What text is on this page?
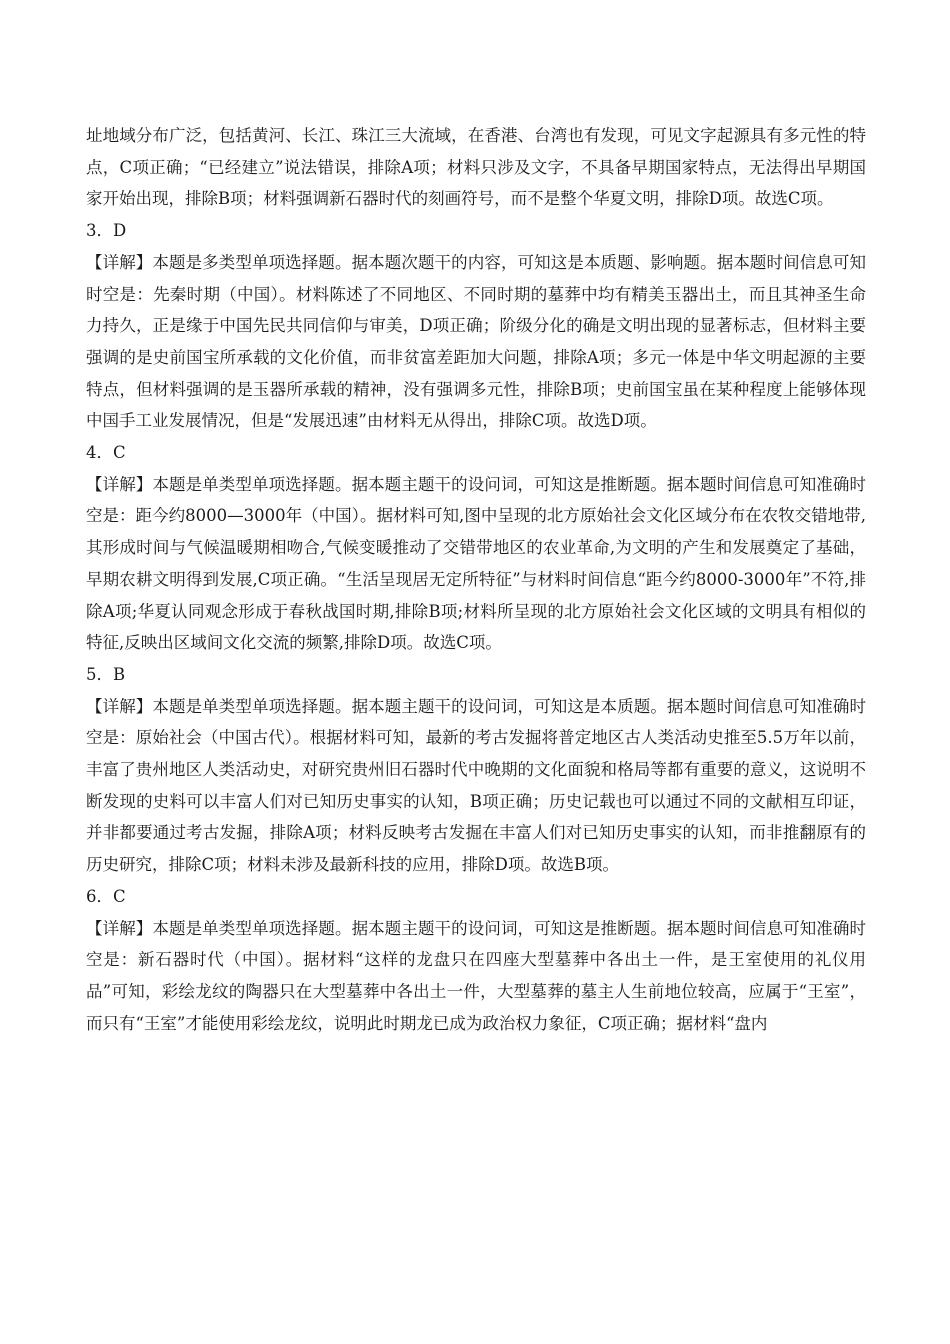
址地域分布广泛，包括黄河、长江、珠江三大流域，在香港、台湾也有发现，可见文字起源具有多元性的特点，C项正确；“已经建立”说法错误，排除A项；材料只涉及文字，不具备早期国家特点，无法得出早期国家开始出现，排除B项；材料强调新石器时代的刻画符号，而不是整个华夏文明，排除D项。故选C项。

3．D

【详解】本题是多类型单项选择题。据本题次题干的内容，可知这是本质题、影响题。据本题时间信息可知时空是：先秦时期（中国）。材料陈述了不同地区、不同时期的墓葬中均有精美玉器出土，而且其神圣生命力持久，正是缘于中国先民共同信仰与审美，D项正确；阶级分化的确是文明出现的显著标志，但材料主要强调的是史前国宝所承载的文化价值，而非贫富差距加大问题，排除A项；多元一体是中华文明起源的主要特点，但材料强调的是玉器所承载的精神，没有强调多元性，排除B项；史前国宝虽在某种程度上能够体现中国手工业发展情况，但是“发展迅速”由材料无从得出，排除C项。故选D项。

4．C

【详解】本题是单类型单项选择题。据本题主题干的设问词，可知这是推断题。据本题时间信息可知准确时空是：距今约8000—3000年（中国）。据材料可知,图中呈现的北方原始社会文化区域分布在农牧交错地带,其形成时间与气候温暖期相吻合,气候变暖推动了交错带地区的农业革命,为文明的产生和发展奠定了基础，早期农耕文明得到发展,C项正确。“生活呈现居无定所特征”与材料时间信息“距今约8000-3000年”不符,排除A项;华夏认同观念形成于春秋战国时期,排除B项;材料所呈现的北方原始社会文化区域的文明具有相似的特征,反映出区域间文化交流的频繁,排除D项。故选C项。

5．B

【详解】本题是单类型单项选择题。据本题主题干的设问词，可知这是本质题。据本题时间信息可知准确时空是：原始社会（中国古代）。根据材料可知，最新的考古发掘将普定地区古人类活动史推至5.5万年以前，丰富了贵州地区人类活动史，对研究贵州旧石器时代中晚期的文化面貌和格局等都有重要的意义，这说明不断发现的史料可以丰富人们对已知历史事实的认知，B项正确；历史记载也可以通过不同的文献相互印证，并非都要通过考古发掘，排除A项；材料反映考古发掘在丰富人们对已知历史事实的认知，而非推翻原有的历史研究，排除C项；材料未涉及最新科技的应用，排除D项。故选B项。

6．C

【详解】本题是单类型单项选择题。据本题主题干的设问词，可知这是推断题。据本题时间信息可知准确时空是：新石器时代（中国）。据材料“这样的龙盘只在四座大型墓葬中各出土一件，是王室使用的礼仪用品”可知，彩绘龙纹的陶器只在大型墓葬中各出土一件，大型墓葬的墓主人生前地位较高，应属于“王室”，而只有“王室”才能使用彩绘龙纹，说明此时期龙已成为政治权力象征，C项正确；据材料“盘内
